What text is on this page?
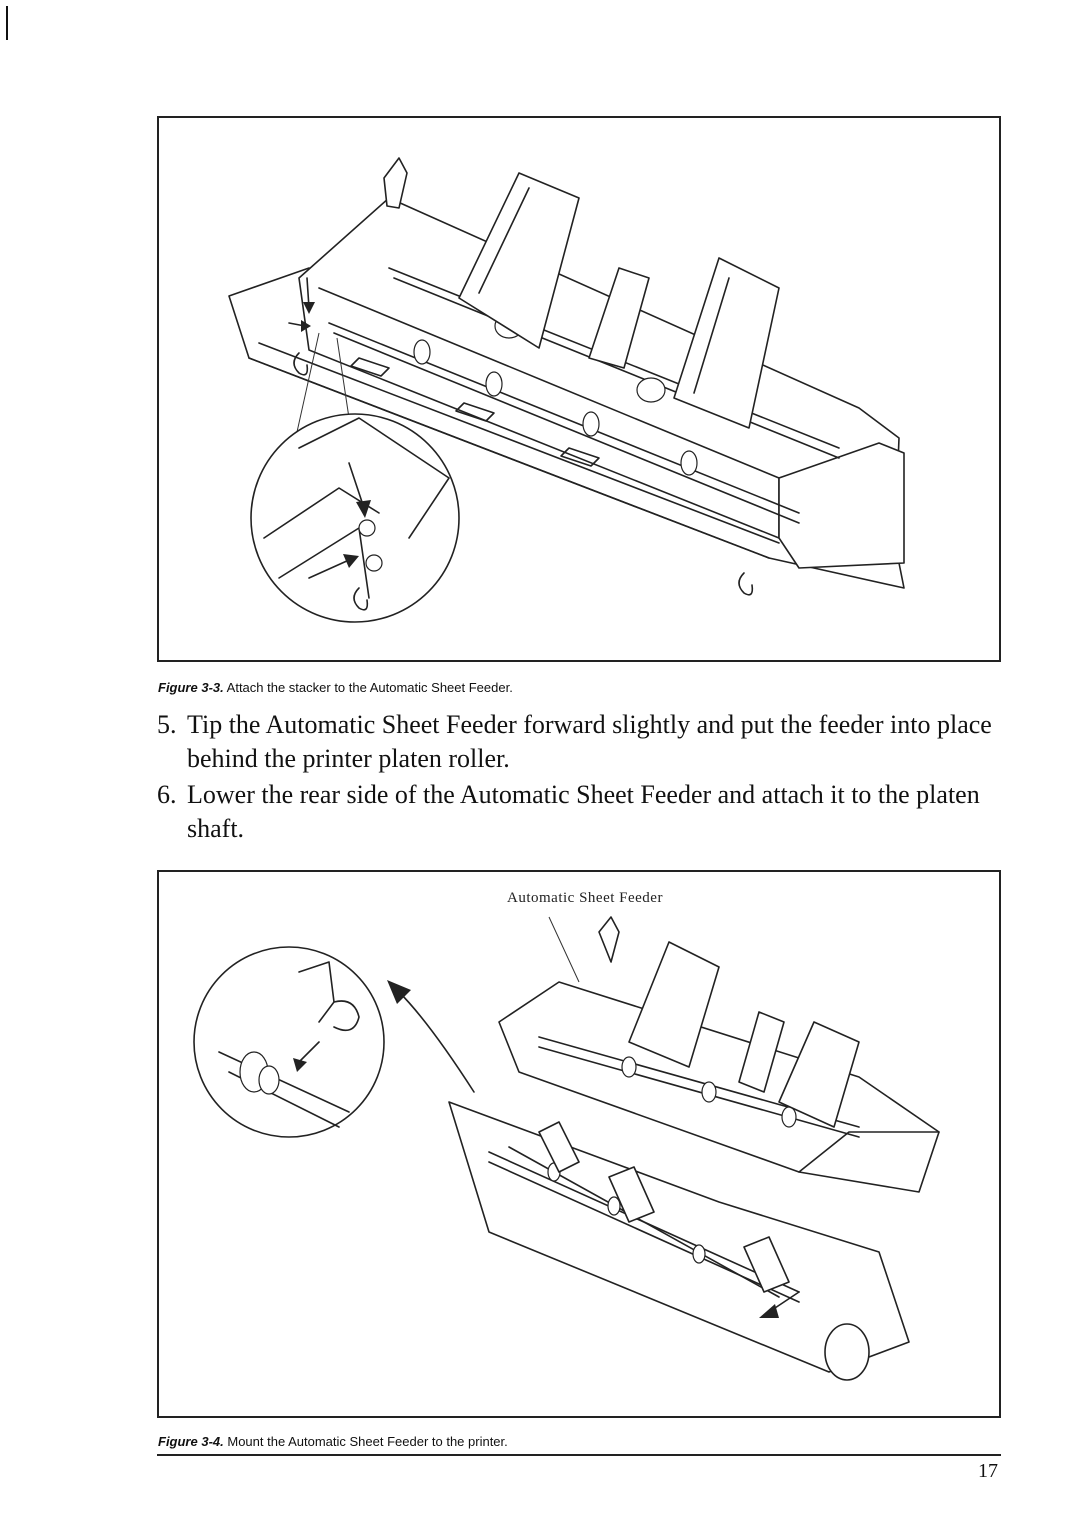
Figure 3-3. Attach the stacker to the Automatic Sheet Feeder.
5. Tip the Automatic Sheet Feeder forward slightly and put the feeder into place behind the printer platen roller.
6. Lower the rear side of the Automatic Sheet Feeder and attach it to the platen shaft.
Automatic Sheet Feeder
Figure 3-4. Mount the Automatic Sheet Feeder to the printer.
17
